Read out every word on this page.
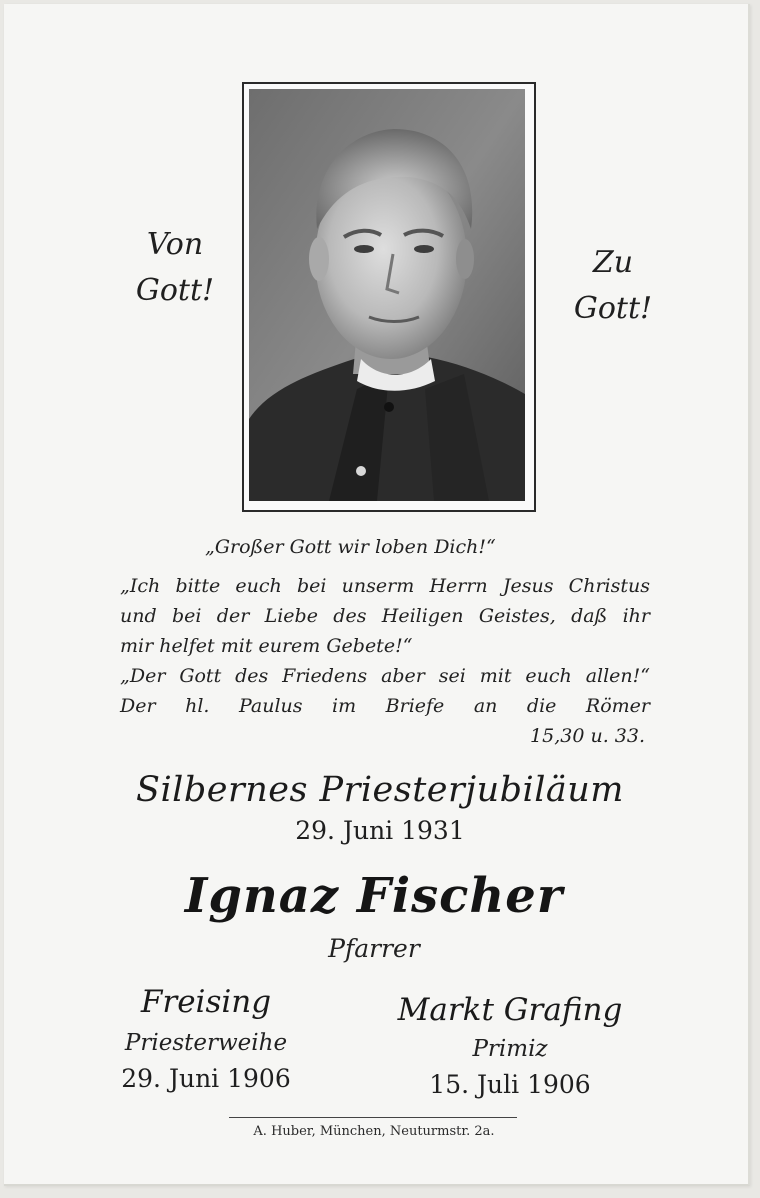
Von
Gott!
Zu
Gott!
„Großer Gott wir loben Dich!“
„Ich bitte euch bei unserm Herrn Jesus Christus
und bei der Liebe des Heiligen Geistes, daß ihr
mir helfet mit eurem Gebete!“
„Der Gott des Friedens aber sei mit euch allen!“
Der hl. Paulus im Briefe an die Römer
15,30 u. 33.
Silbernes Priesterjubiläum
29. Juni 1931
Ignaz Fischer
Pfarrer
Freising
Priesterweihe
29. Juni 1906
Markt Grafing
Primiz
15. Juli 1906
A. Huber, München, Neuturmstr. 2a.
